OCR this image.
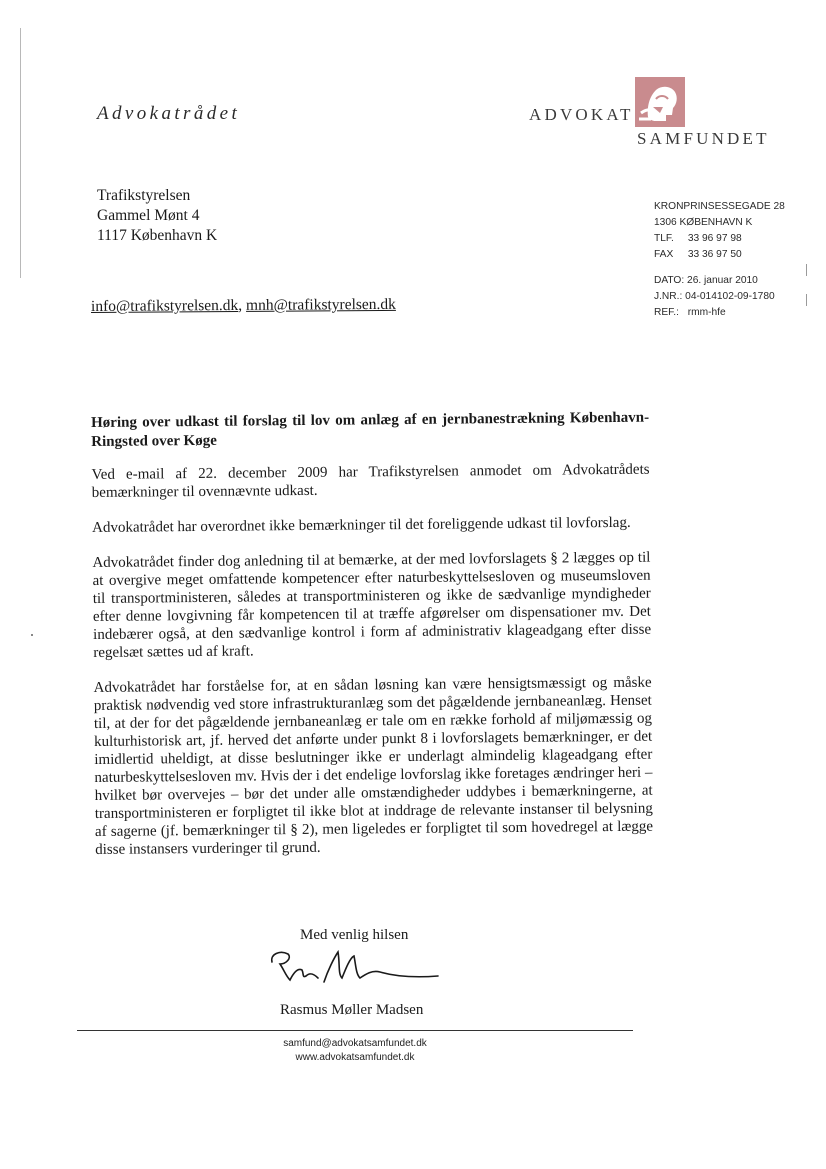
Advokatrådet	ADVOKAT
SAMFUNDET
Trafikstyrelsen
Gammel Mønt 4
1117 København K
KRONPRINSESSEGADE 28
1306 KØBENHAVN K
TLF. 33 96 97 98
FAX 33 36 97 50
DATO: 26. januar 2010
J.NR.: 04-014102-09-1780
REF.: rmm-hfe
info@trafikstyrelsen.dk, mnh@trafikstyrelsen.dk

Høring over udkast til forslag til lov om anlæg af en jernbanestrækning København-Ringsted over Køge

Ved e-mail af 22. december 2009 har Trafikstyrelsen anmodet om Advokatrådets bemærkninger til ovennævnte udkast.

Advokatrådet har overordnet ikke bemærkninger til det foreliggende udkast til lovforslag.

Advokatrådet finder dog anledning til at bemærke, at der med lovforslagets § 2 lægges op til at overgive meget omfattende kompetencer efter naturbeskyttelsesloven og museumsloven til transportministeren, således at transportministeren og ikke de sædvanlige myndigheder efter denne lovgivning får kompetencen til at træffe afgørelser om dispensationer mv. Det indebærer også, at den sædvanlige kontrol i form af administrativ klageadgang efter disse regelsæt sættes ud af kraft.

Advokatrådet har forståelse for, at en sådan løsning kan være hensigtsmæssigt og måske praktisk nødvendig ved store infrastrukturanlæg som det pågældende jernbaneanlæg. Henset til, at der for det pågældende jernbaneanlæg er tale om en række forhold af miljømæssig og kulturhistorisk art, jf. herved det anførte under punkt 8 i lovforslagets bemærkninger, er det imidlertid uheldigt, at disse beslutninger ikke er underlagt almindelig klageadgang efter naturbeskyttelsesloven mv. Hvis der i det endelige lovforslag ikke foretages ændringer heri – hvilket bør overvejes – bør det under alle omstændigheder uddybes i bemærkningerne, at transportministeren er forpligtet til ikke blot at inddrage de relevante instanser til belysning af sagerne (jf. bemærkninger til § 2), men ligeledes er forpligtet til som hovedregel at lægge disse instansers vurderinger til grund.

Med venlig hilsen
Rasmus Møller Madsen
samfund@advokatsamfundet.dk
www.advokatsamfundet.dk
